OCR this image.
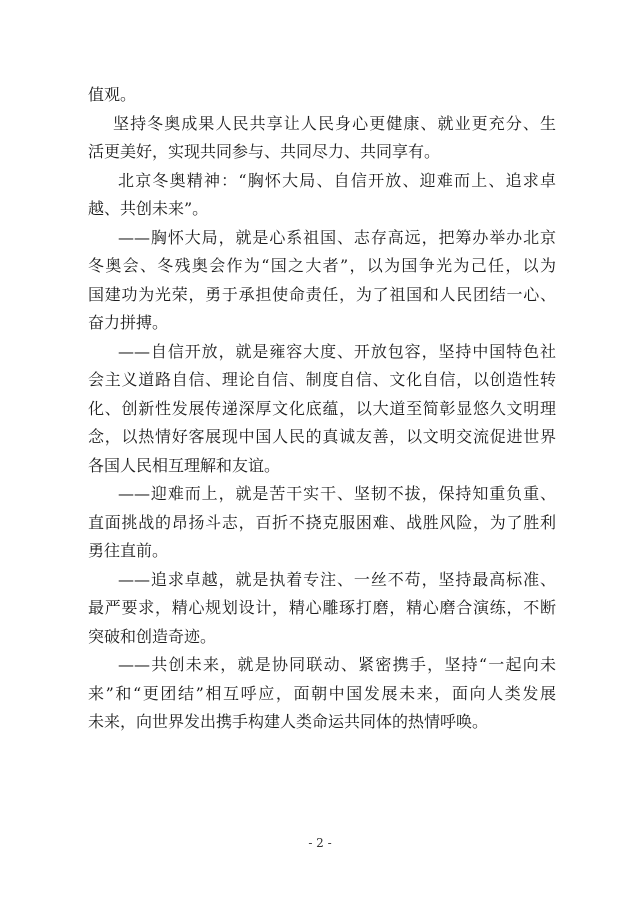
值观。
坚持冬奥成果人民共享让人民身心更健康、就业更充分、生
活更美好，实现共同参与、共同尽力、共同享有。
北京冬奥精神：“胸怀大局、自信开放、迎难而上、追求卓
越、共创未来”。
——胸怀大局，就是心系祖国、志存高远，把筹办举办北京
冬奥会、冬残奥会作为“国之大者”，以为国争光为己任，以为
国建功为光荣，勇于承担使命责任，为了祖国和人民团结一心、
奋力拼搏。
——自信开放，就是雍容大度、开放包容，坚持中国特色社
会主义道路自信、理论自信、制度自信、文化自信，以创造性转
化、创新性发展传递深厚文化底蕴，以大道至简彰显悠久文明理
念，以热情好客展现中国人民的真诚友善，以文明交流促进世界
各国人民相互理解和友谊。
——迎难而上，就是苦干实干、坚韧不拔，保持知重负重、
直面挑战的昂扬斗志，百折不挠克服困难、战胜风险，为了胜利
勇往直前。
——追求卓越，就是执着专注、一丝不苟，坚持最高标准、
最严要求，精心规划设计，精心雕琢打磨，精心磨合演练，不断
突破和创造奇迹。
——共创未来，就是协同联动、紧密携手，坚持“一起向未
来”和“更团结”相互呼应，面朝中国发展未来，面向人类发展
未来，向世界发出携手构建人类命运共同体的热情呼唤。
- 2 -
